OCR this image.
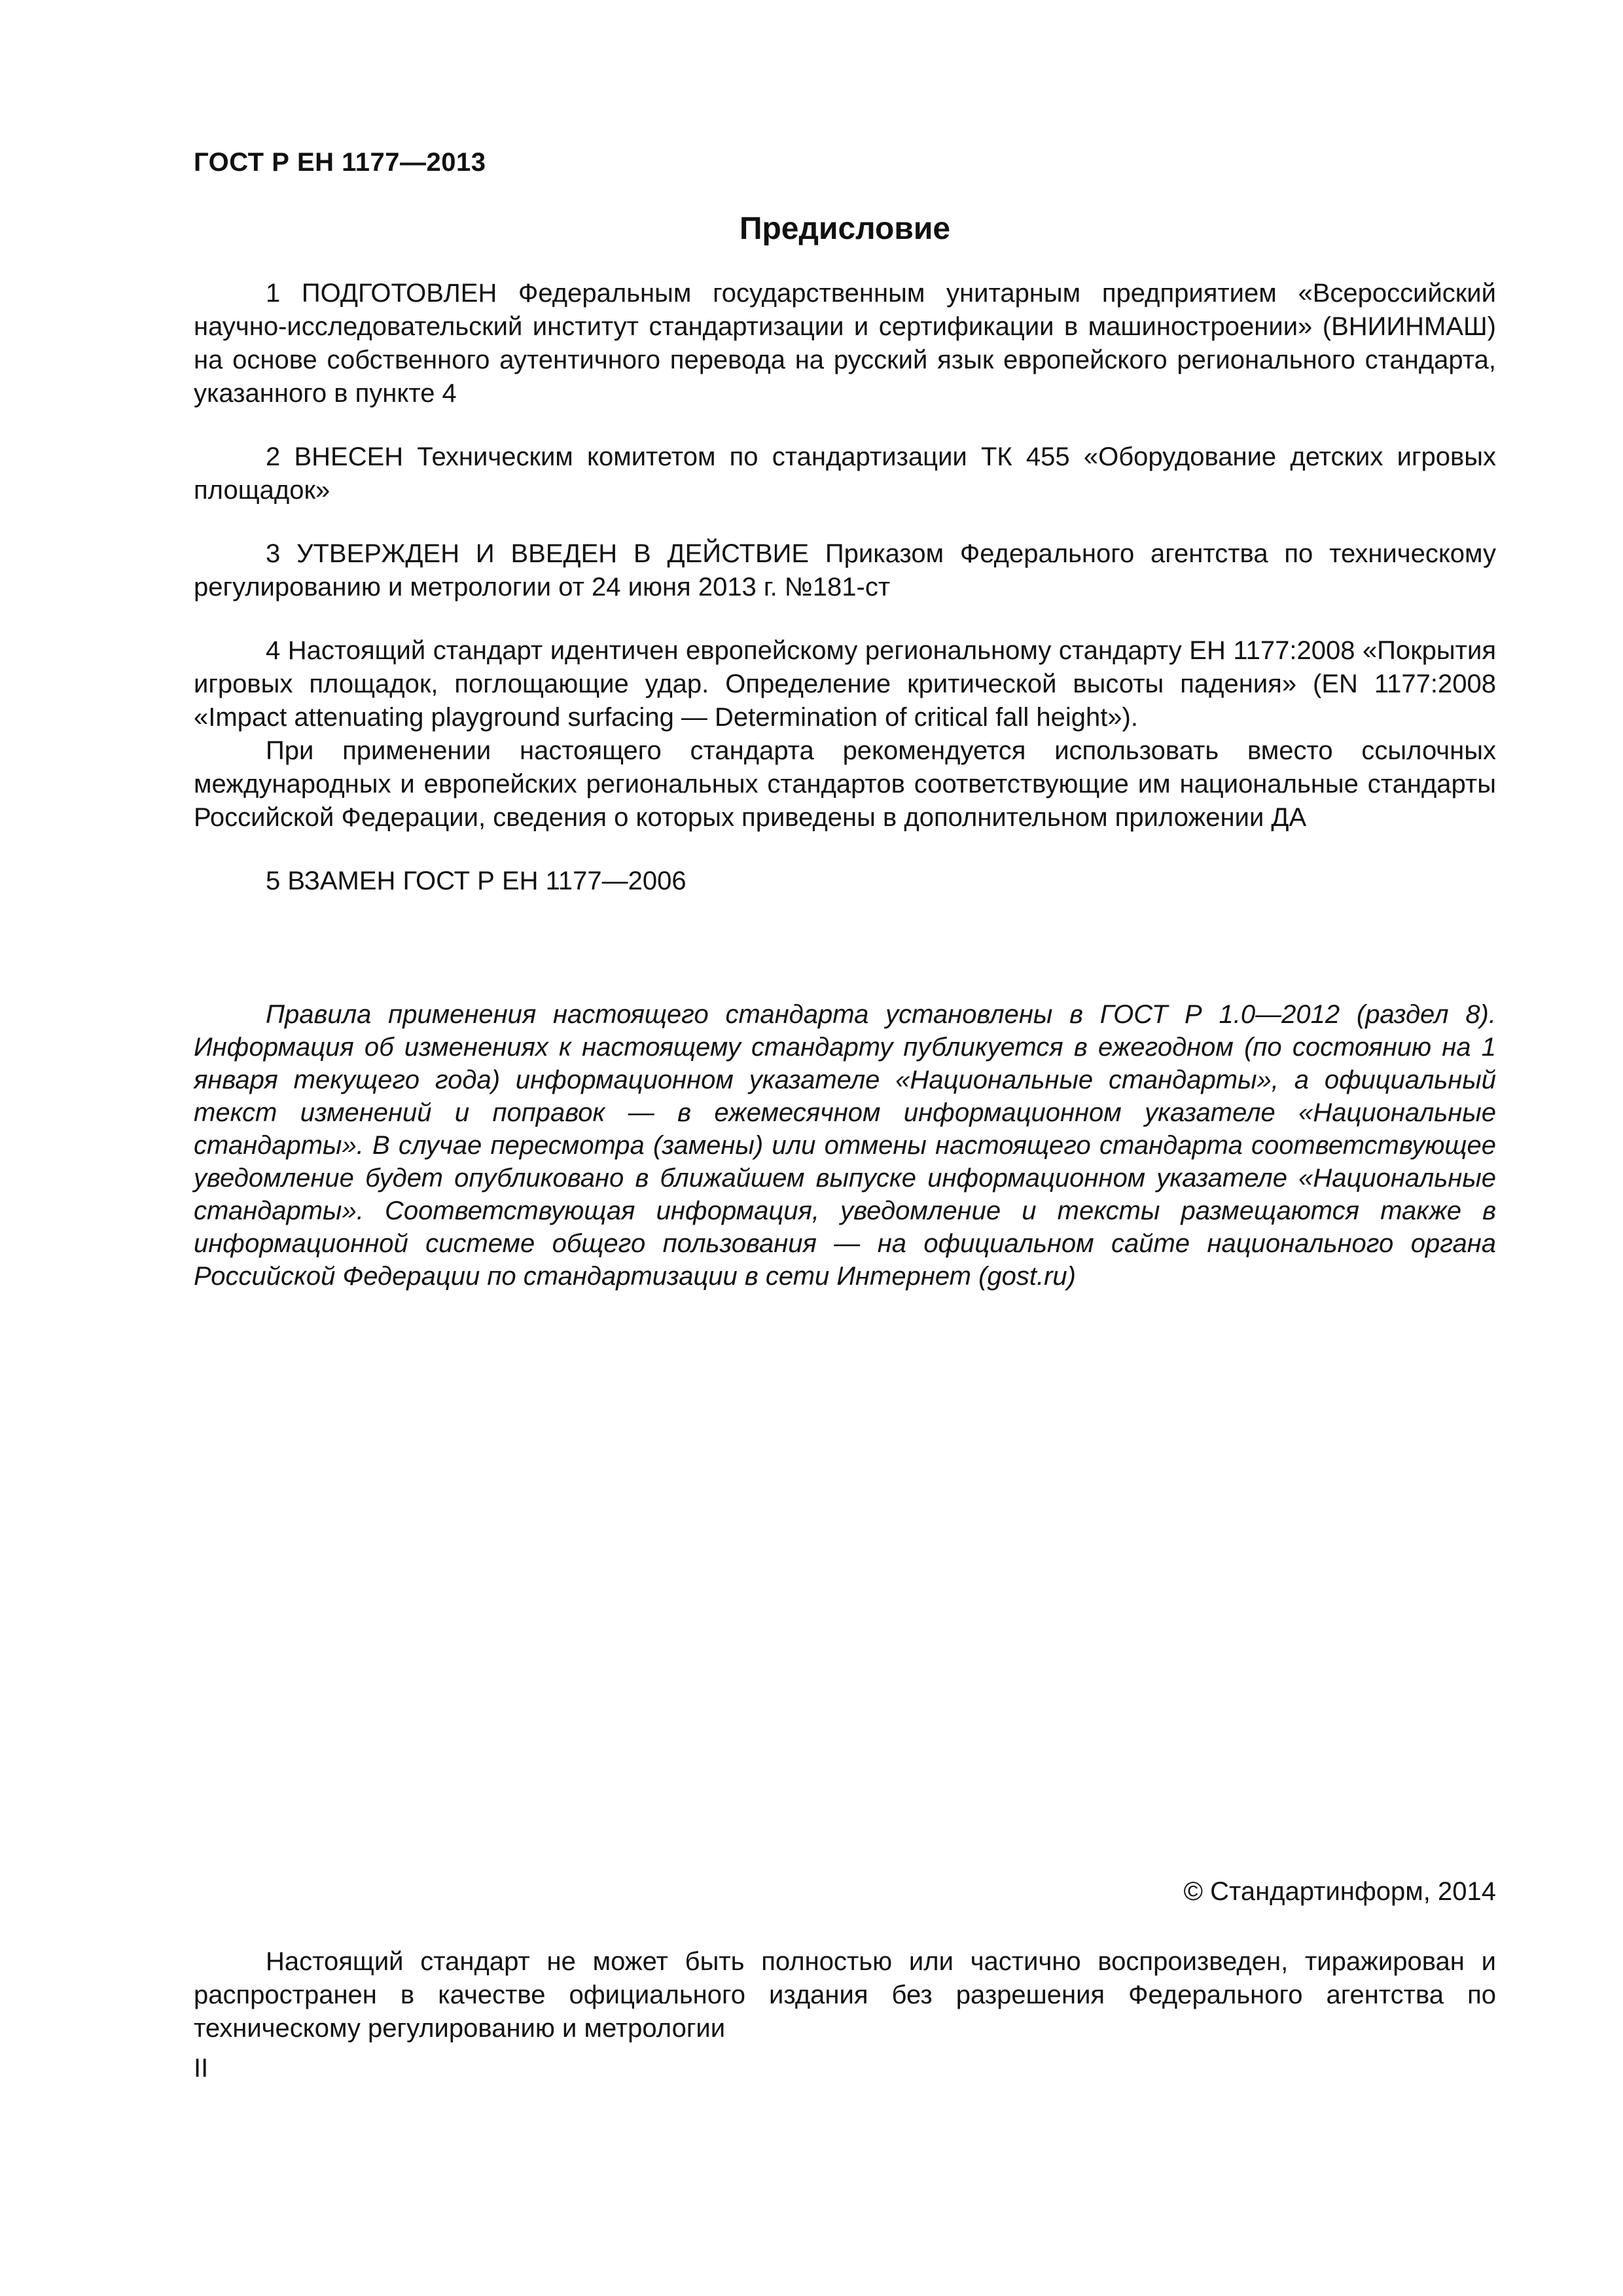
ГОСТ Р ЕН 1177—2013
Предисловие

1 ПОДГОТОВЛЕН Федеральным государственным унитарным предприятием «Всероссийский научно-исследовательский институт стандартизации и сертификации в машиностроении» (ВНИИНМАШ) на основе собственного аутентичного перевода на русский язык европейского регионального стандарта, указанного в пункте 4

2 ВНЕСЕН Техническим комитетом по стандартизации ТК 455 «Оборудование детских игровых площадок»

3 УТВЕРЖДЕН И ВВЕДЕН В ДЕЙСТВИЕ Приказом Федерального агентства по техническому регулированию и метрологии от 24 июня 2013 г. №181-ст

4 Настоящий стандарт идентичен европейскому региональному стандарту ЕН 1177:2008 «Покрытия игровых площадок, поглощающие удар. Определение критической высоты падения» (EN 1177:2008 «Impact attenuating playground surfacing — Determination of critical fall height»).

При применении настоящего стандарта рекомендуется использовать вместо ссылочных международных и европейских региональных стандартов соответствующие им национальные стандарты Российской Федерации, сведения о которых приведены в дополнительном приложении ДА

5 ВЗАМЕН ГОСТ Р ЕН 1177—2006

Правила применения настоящего стандарта установлены в ГОСТ Р 1.0—2012 (раздел 8). Информация об изменениях к настоящему стандарту публикуется в ежегодном (по состоянию на 1 января текущего года) информационном указателе «Национальные стандарты», а официальный текст изменений и поправок — в ежемесячном информационном указателе «Национальные стандарты». В случае пересмотра (замены) или отмены настоящего стандарта соответствующее уведомление будет опубликовано в ближайшем выпуске информационном указателе «Национальные стандарты». Соответствующая информация, уведомление и тексты размещаются также в информационной системе общего пользования — на официальном сайте национального органа Российской Федерации по стандартизации в сети Интернет (gost.ru)

© Стандартинформ, 2014

Настоящий стандарт не может быть полностью или частично воспроизведен, тиражирован и распространен в качестве официального издания без разрешения Федерального агентства по техническому регулированию и метрологии

II
